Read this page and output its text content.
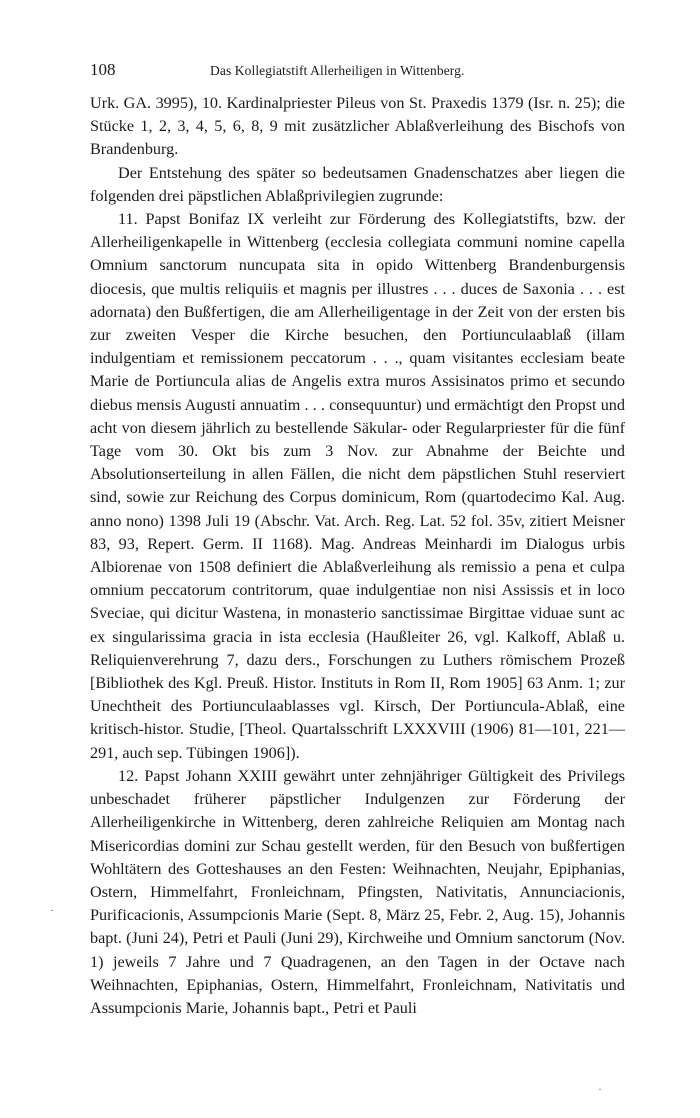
108	Das Kollegiatstift Allerheiligen in Wittenberg.

Urk. GA. 3995), 10. Kardinalpriester Pileus von St. Praxedis 1379 (Isr. n. 25); die Stücke 1, 2, 3, 4, 5, 6, 8, 9 mit zusätzlicher Ablaßverleihung des Bischofs von Brandenburg.

Der Entstehung des später so bedeutsamen Gnadenschatzes aber liegen die folgenden drei päpstlichen Ablaßprivilegien zugrunde:

11. Papst Bonifaz IX verleiht zur Förderung des Kollegiatstifts, bzw. der Allerheiligenkapelle in Wittenberg (ecclesia collegiata communi nomine capella Omnium sanctorum nuncupata sita in opido Wittenberg Brandenburgensis diocesis, que multis reliquiis et magnis per illustres . . . duces de Saxonia . . . est adornata) den Bußfertigen, die am Allerheiligentage in der Zeit von der ersten bis zur zweiten Vesper die Kirche besuchen, den Portiunculaablaß (illam indulgentiam et remissionem peccatorum . . ., quam visitantes ecclesiam beate Marie de Portiuncula alias de Angelis extra muros Assisinatos primo et secundo diebus mensis Augusti annuatim . . . consequuntur) und ermächtigt den Propst und acht von diesem jährlich zu bestellende Säkular- oder Regularpriester für die fünf Tage vom 30. Okt bis zum 3 Nov. zur Abnahme der Beichte und Absolutionserteilung in allen Fällen, die nicht dem päpstlichen Stuhl reserviert sind, sowie zur Reichung des Corpus dominicum, Rom (quartodecimo Kal. Aug. anno nono) 1398 Juli 19 (Abschr. Vat. Arch. Reg. Lat. 52 fol. 35v, zitiert Meisner 83, 93, Repert. Germ. II 1168). Mag. Andreas Meinhardi im Dialogus urbis Albiorenae von 1508 definiert die Ablaßverleihung als remissio a pena et culpa omnium peccatorum contritorum, quae indulgentiae non nisi Assissis et in loco Sveciae, qui dicitur Wastena, in monasterio sanctissimae Birgittae viduae sunt ac ex singularissima gracia in ista ecclesia (Haußleiter 26, vgl. Kalkoff, Ablaß u. Reliquienverehrung 7, dazu ders., Forschungen zu Luthers römischem Prozeß [Bibliothek des Kgl. Preuß. Histor. Instituts in Rom II, Rom 1905] 63 Anm. 1; zur Unechtheit des Portiunculaablasses vgl. Kirsch, Der Portiuncula-Ablaß, eine kritisch-histor. Studie, [Theol. Quartalsschrift LXXXVIII (1906) 81—101, 221—291, auch sep. Tübingen 1906]).

12. Papst Johann XXIII gewährt unter zehnjähriger Gültigkeit des Privilegs unbeschadet früherer päpstlicher Indulgenzen zur Förderung der Allerheiligenkirche in Wittenberg, deren zahlreiche Reliquien am Montag nach Misericordias domini zur Schau gestellt werden, für den Besuch von bußfertigen Wohltätern des Gotteshauses an den Festen: Weihnachten, Neujahr, Epiphanias, Ostern, Himmelfahrt, Fronleichnam, Pfingsten, Nativitatis, Annunciacionis, Purificacionis, Assumpcionis Marie (Sept. 8, März 25, Febr. 2, Aug. 15), Johannis bapt. (Juni 24), Petri et Pauli (Juni 29), Kirchweihe und Omnium sanctorum (Nov. 1) jeweils 7 Jahre und 7 Quadragenen, an den Tagen in der Octave nach Weihnachten, Epiphanias, Ostern, Himmelfahrt, Fronleichnam, Nativitatis und Assumpcionis Marie, Johannis bapt., Petri et Pauli

·
·
